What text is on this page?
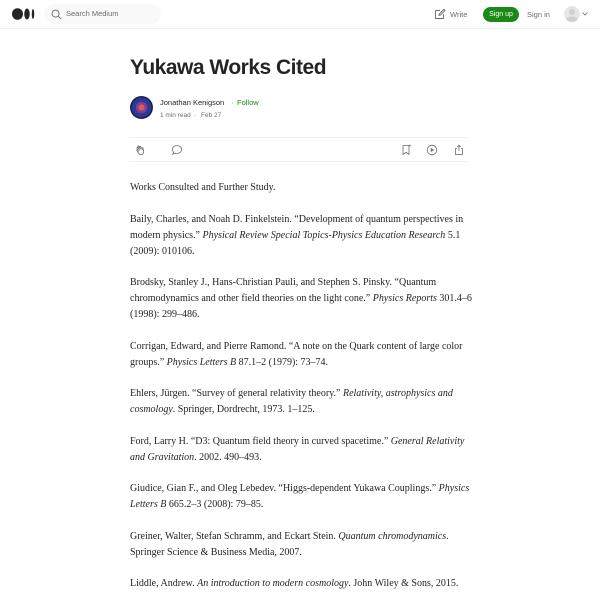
Search Medium	Write	Sign up	Sign in
Yukawa Works Cited
Jonathan Kenigson · Follow
1 min read · Feb 27

Works Consulted and Further Study.

Baily, Charles, and Noah D. Finkelstein. “Development of quantum perspectives in modern physics.” Physical Review Special Topics-Physics Education Research 5.1 (2009): 010106.

Brodsky, Stanley J., Hans-Christian Pauli, and Stephen S. Pinsky. “Quantum chromodynamics and other field theories on the light cone.” Physics Reports 301.4–6 (1998): 299–486.

Corrigan, Edward, and Pierre Ramond. “A note on the Quark content of large color groups.” Physics Letters B 87.1–2 (1979): 73–74.

Ehlers, Jürgen. “Survey of general relativity theory.” Relativity, astrophysics and cosmology. Springer, Dordrecht, 1973. 1–125.

Ford, Larry H. “D3: Quantum field theory in curved spacetime.” General Relativity and Gravitation. 2002. 490–493.

Giudice, Gian F., and Oleg Lebedev. “Higgs-dependent Yukawa Couplings.” Physics Letters B 665.2–3 (2008): 79–85.

Greiner, Walter, Stefan Schramm, and Eckart Stein. Quantum chromodynamics. Springer Science & Business Media, 2007.

Liddle, Andrew. An introduction to modern cosmology. John Wiley & Sons, 2015.
